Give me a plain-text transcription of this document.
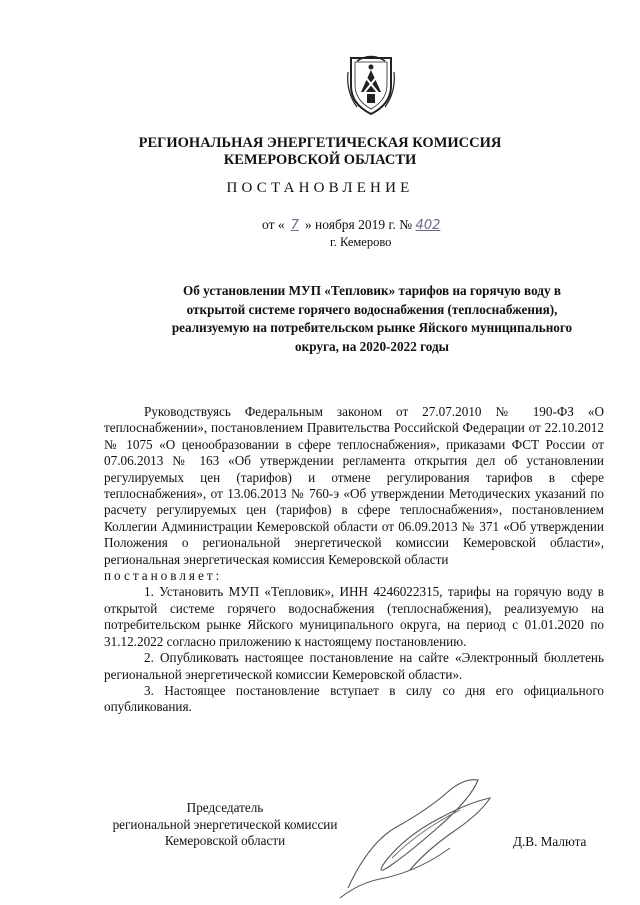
РЕГИОНАЛЬНАЯ ЭНЕРГЕТИЧЕСКАЯ КОМИССИЯ
КЕМЕРОВСКОЙ ОБЛАСТИ
ПОСТАНОВЛЕНИЕ
от « 7 » ноября 2019 г. № 402
г. Кемерово
Об установлении МУП «Тепловик» тарифов на горячую воду в
открытой системе горячего водоснабжения (теплоснабжения),
реализуемую на потребительском рынке Яйского муниципального
округа, на 2020-2022 годы

Руководствуясь Федеральным законом от 27.07.2010 № 190-ФЗ «О теплоснабжении», постановлением Правительства Российской Федерации от 22.10.2012 № 1075 «О ценообразовании в сфере теплоснабжения», приказами ФСТ России от 07.06.2013 № 163 «Об утверждении регламента открытия дел об установлении регулируемых цен (тарифов) и отмене регулирования тарифов в сфере теплоснабжения», от 13.06.2013 № 760-э «Об утверждении Методических указаний по расчету регулируемых цен (тарифов) в сфере теплоснабжения», постановлением Коллегии Администрации Кемеровской области от 06.09.2013 № 371 «Об утверждении Положения о региональной энергетической комиссии Кемеровской области», региональная энергетическая комиссия Кемеровской области

постановляет:

1. Установить МУП «Тепловик», ИНН 4246022315, тарифы на горячую воду в открытой системе горячего водоснабжения (теплоснабжения), реализуемую на потребительском рынке Яйского муниципального округа, на период с 01.01.2020 по 31.12.2022 согласно приложению к настоящему постановлению.

2. Опубликовать настоящее постановление на сайте «Электронный бюллетень региональной энергетической комиссии Кемеровской области».

3. Настоящее постановление вступает в силу со дня его официального опубликования.

Председатель
региональной энергетической комиссии
Кемеровской области	Д.В. Малюта
